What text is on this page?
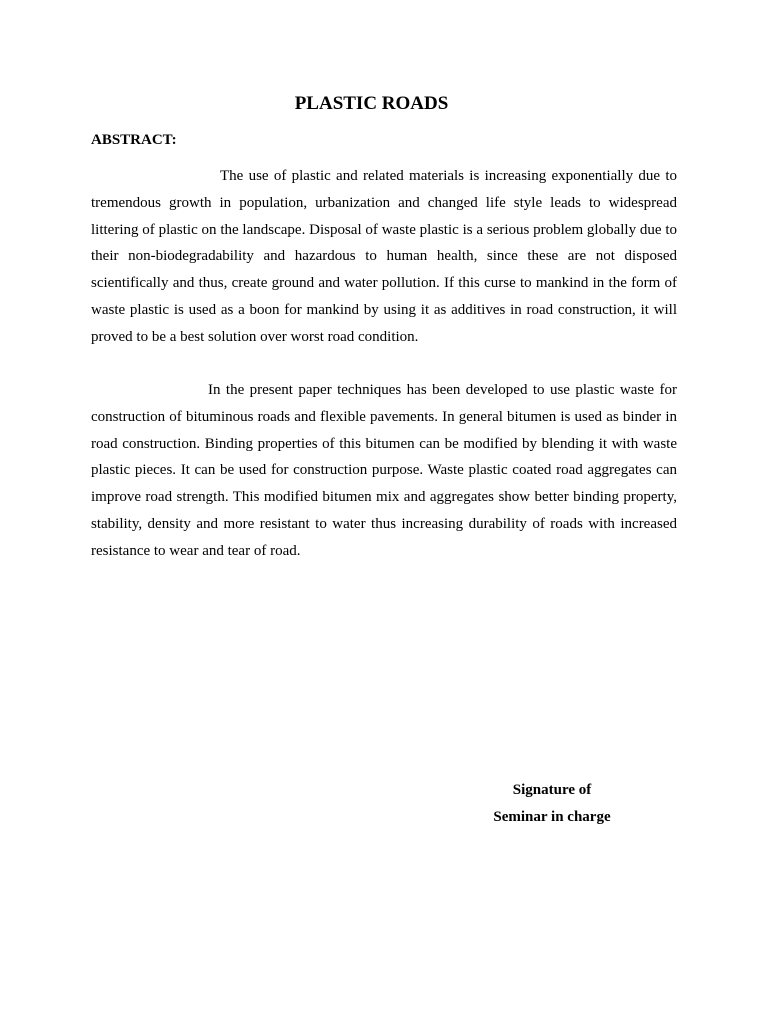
PLASTIC ROADS
ABSTRACT:

The use of plastic and related materials is increasing exponentially due to tremendous growth in population, urbanization and changed life style leads to widespread littering of plastic on the landscape. Disposal of waste plastic is a serious problem globally due to their non-biodegradability and hazardous to human health, since these are not disposed scientifically and thus, create ground and water pollution. If this curse to mankind in the form of waste plastic is used as a boon for mankind by using it as additives in road construction, it will proved to be a best solution over worst road condition.

In the present paper techniques has been developed to use plastic waste for construction of bituminous roads and flexible pavements. In general bitumen is used as binder in road construction. Binding properties of this bitumen can be modified by blending it with waste plastic pieces. It can be used for construction purpose. Waste plastic coated road aggregates can improve road strength. This modified bitumen mix and aggregates show better binding property, stability, density and more resistant to water thus increasing durability of roads with increased resistance to wear and tear of road.

Signature of

Seminar in charge
